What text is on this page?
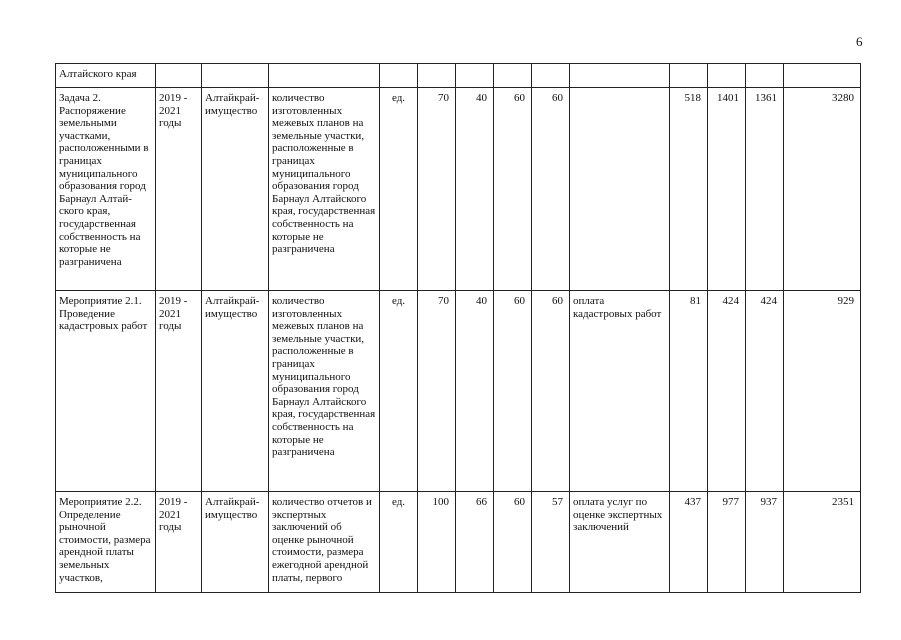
6
Алтайского края													
Задача 2. Распоряжение земельными участками, расположенными в границах муниципального образования город Барнаул Алтай-ского края, государственная собственность на которые не разграничена	2019 - 2021 годы	Алтайкрай-имущество	количество изготовленных межевых планов на земельные участки, расположенные в границах муниципального образования город Барнаул Алтайского края, государственная собственность на которые не разграничена	ед.	70	40	60	60		518	1401	1361	3280
Мероприятие 2.1. Проведение кадастровых работ	2019 - 2021 годы	Алтайкрай-имущество	количество изготовленных межевых планов на земельные участки, расположенные в границах муниципального образования город Барнаул Алтайского края, государственная собственность на которые не разграничена	ед.	70	40	60	60	оплата кадастровых работ	81	424	424	929
Мероприятие 2.2. Определение рыночной стоимости, размера арендной платы земельных участков,	2019 - 2021 годы	Алтайкрай-имущество	количество отчетов и экспертных заключений об оценке рыночной стоимости, размера ежегодной арендной платы, первого	ед.	100	66	60	57	оплата услуг по оценке экспертных заключений	437	977	937	2351
